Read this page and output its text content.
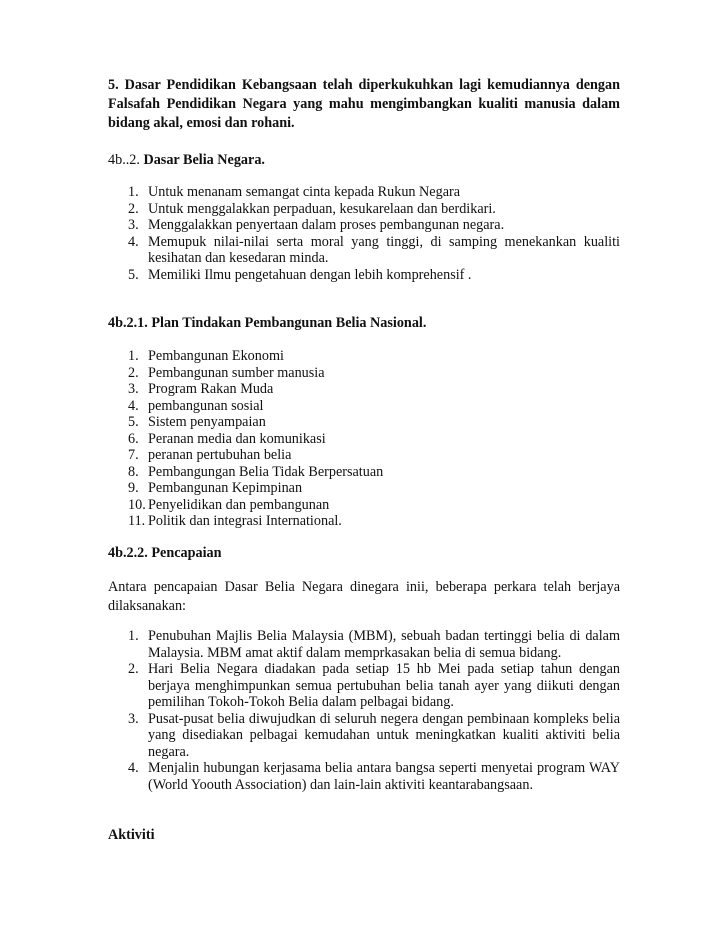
5. Dasar Pendidikan Kebangsaan telah diperkukuhkan lagi kemudiannya dengan Falsafah Pendidikan Negara yang mahu mengimbangkan kualiti manusia dalam bidang akal, emosi dan rohani.
4b..2. Dasar Belia Negara.
1. Untuk menanam semangat cinta kepada Rukun Negara
2. Untuk menggalakkan perpaduan, kesukarelaan dan berdikari.
3. Menggalakkan penyertaan dalam proses pembangunan negara.
4. Memupuk nilai-nilai serta moral yang tinggi, di samping menekankan kualiti kesihatan dan kesedaran minda.
5. Memiliki Ilmu pengetahuan dengan lebih komprehensif .
4b.2.1. Plan Tindakan Pembangunan Belia Nasional.
1. Pembangunan Ekonomi
2. Pembangunan sumber manusia
3. Program Rakan Muda
4. pembangunan sosial
5. Sistem penyampaian
6. Peranan media dan komunikasi
7. peranan pertubuhan belia
8. Pembangungan Belia Tidak Berpersatuan
9. Pembangunan Kepimpinan
10. Penyelidikan dan pembangunan
11. Politik dan integrasi International.
4b.2.2. Pencapaian
Antara pencapaian Dasar Belia Negara dinegara inii, beberapa perkara telah berjaya dilaksanakan:
1. Penubuhan Majlis Belia Malaysia (MBM), sebuah badan tertinggi belia di dalam Malaysia. MBM amat aktif dalam memprkasakan belia di semua bidang.
2. Hari Belia Negara diadakan pada setiap 15 hb Mei pada setiap tahun dengan berjaya menghimpunkan semua pertubuhan belia tanah ayer yang diikuti dengan pemilihan Tokoh-Tokoh Belia dalam pelbagai bidang.
3. Pusat-pusat belia diwujudkan di seluruh negera dengan pembinaan kompleks belia yang disediakan pelbagai kemudahan untuk meningkatkan kualiti aktiviti belia negara.
4. Menjalin hubungan kerjasama belia antara bangsa seperti menyetai program WAY (World Yoouth Association) dan lain-lain aktiviti keantarabangsaan.
Aktiviti
